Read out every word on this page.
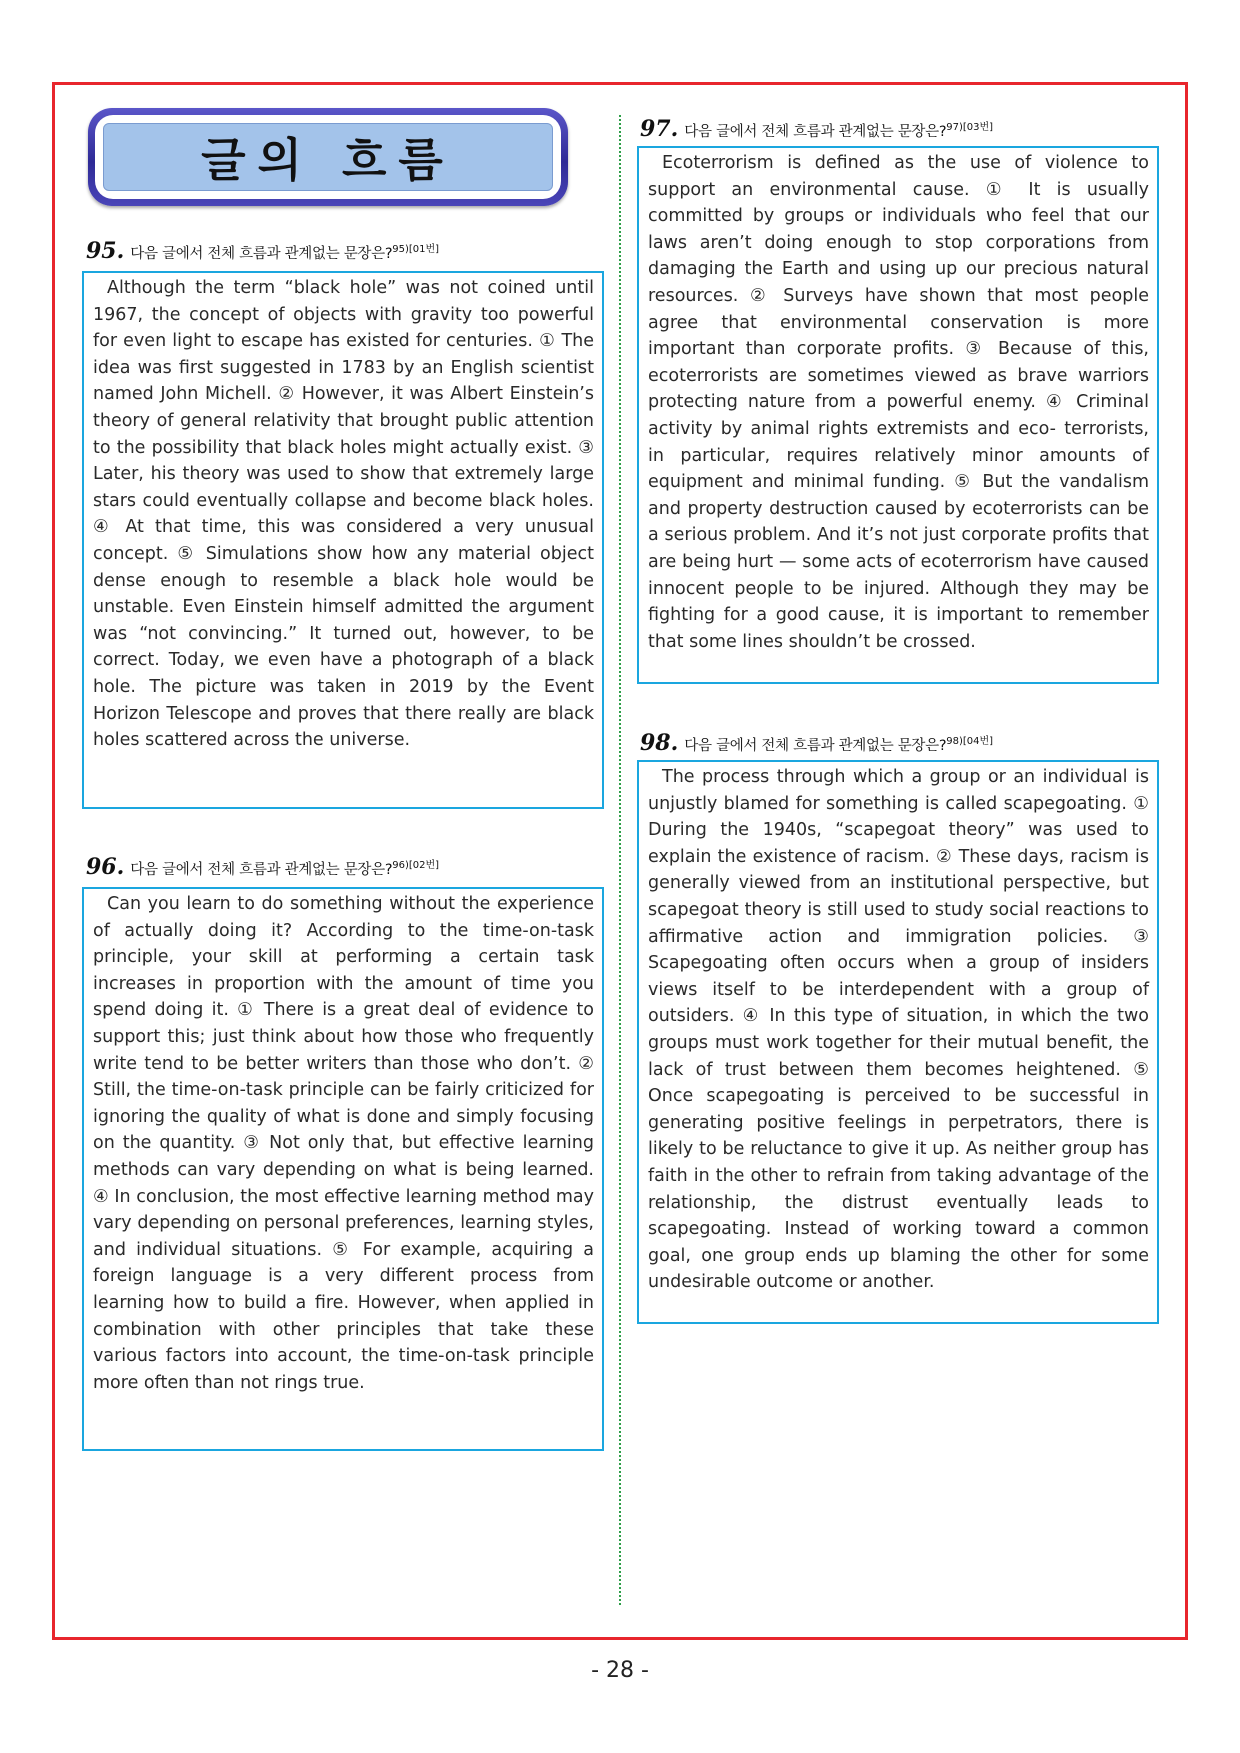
글의 흐름
95. 다음 글에서 전체 흐름과 관계없는 문장은?$^{95)[01번]}$

Although the term “black hole” was not coined until 1967, the concept of objects with gravity too powerful for even light to escape has existed for centuries. ① The idea was first suggested in 1783 by an English scientist named John Michell. ② However, it was Albert Einstein’s theory of general relativity that brought public attention to the possibility that black holes might actually exist. ③ Later, his theory was used to show that extremely large stars could eventually collapse and become black holes. ④ At that time, this was considered a very unusual concept. ⑤ Simulations show how any material object dense enough to resemble a black hole would be unstable. Even Einstein himself admitted the argument was “not convincing.” It turned out, however, to be correct. Today, we even have a photograph of a black hole. The picture was taken in 2019 by the Event Horizon Telescope and proves that there really are black holes scattered across the universe.

96. 다음 글에서 전체 흐름과 관계없는 문장은?$^{96)[02번]}$

Can you learn to do something without the experience of actually doing it? According to the time-on-task principle, your skill at performing a certain task increases in proportion with the amount of time you spend doing it. ① There is a great deal of evidence to support this; just think about how those who frequently write tend to be better writers than those who don’t. ② Still, the time-on-task principle can be fairly criticized for ignoring the quality of what is done and simply focusing on the quantity. ③ Not only that, but effective learning methods can vary depending on what is being learned. ④ In conclusion, the most effective learning method may vary depending on personal preferences, learning styles, and individual situations. ⑤ For example, acquiring a foreign language is a very different process from learning how to build a fire. However, when applied in combination with other principles that take these various factors into account, the time-on-task principle more often than not rings true.

97. 다음 글에서 전체 흐름과 관계없는 문장은?$^{97)[03번]}$

Ecoterrorism is defined as the use of violence to support an environmental cause. ① It is usually committed by groups or individuals who feel that our laws aren’t doing enough to stop corporations from damaging the Earth and using up our precious natural resources. ② Surveys have shown that most people agree that environmental conservation is more important than corporate profits. ③ Because of this, ecoterrorists are sometimes viewed as brave warriors protecting nature from a powerful enemy. ④ Criminal activity by animal rights extremists and eco- terrorists, in particular, requires relatively minor amounts of equipment and minimal funding. ⑤ But the vandalism and property destruction caused by ecoterrorists can be a serious problem. And it’s not just corporate profits that are being hurt — some acts of ecoterrorism have caused innocent people to be injured. Although they may be fighting for a good cause, it is important to remember that some lines shouldn’t be crossed.

98. 다음 글에서 전체 흐름과 관계없는 문장은?$^{98)[04번]}$

The process through which a group or an individual is unjustly blamed for something is called scapegoating. ① During the 1940s, “scapegoat theory” was used to explain the existence of racism. ② These days, racism is generally viewed from an institutional perspective, but scapegoat theory is still used to study social reactions to affirmative action and immigration policies. ③ Scapegoating often occurs when a group of insiders views itself to be interdependent with a group of outsiders. ④ In this type of situation, in which the two groups must work together for their mutual benefit, the lack of trust between them becomes heightened. ⑤ Once scapegoating is perceived to be successful in generating positive feelings in perpetrators, there is likely to be reluctance to give it up. As neither group has faith in the other to refrain from taking advantage of the relationship, the distrust eventually leads to scapegoating. Instead of working toward a common goal, one group ends up blaming the other for some undesirable outcome or another.

- 28 -
